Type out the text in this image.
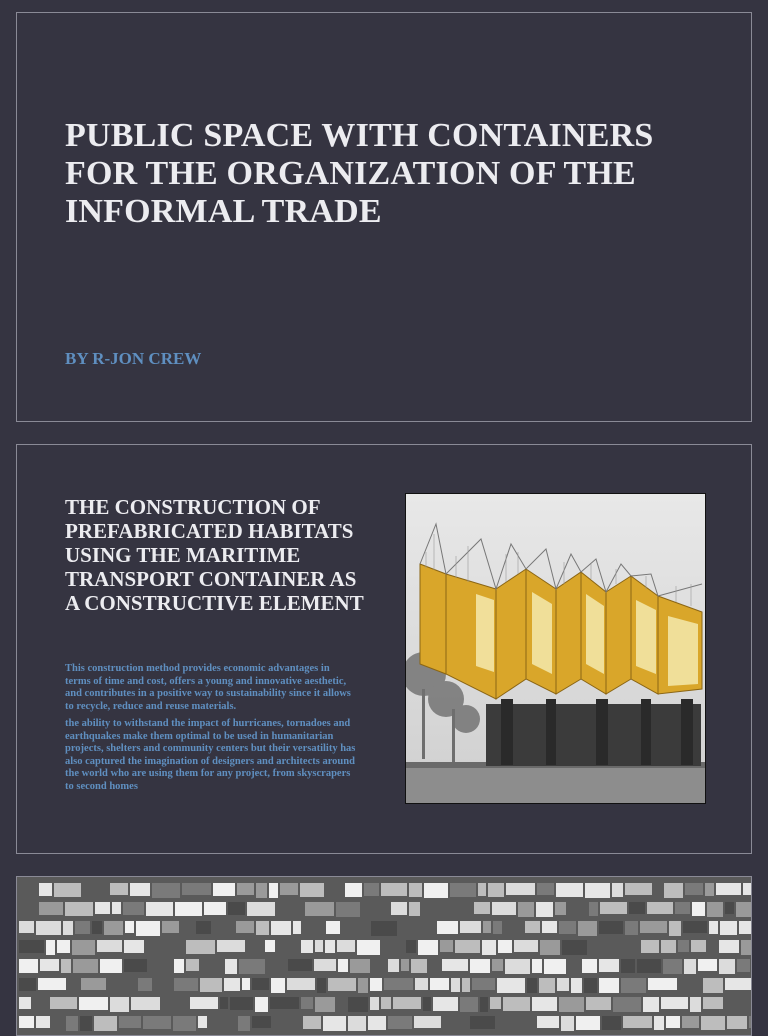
PUBLIC SPACE WITH CONTAINERS FOR THE ORGANIZATION OF THE INFORMAL TRADE

BY R-JON CREW

THE CONSTRUCTION OF PREFABRICATED HABITATS USING THE MARITIME TRANSPORT CONTAINER AS A CONSTRUCTIVE ELEMENT

This construction method provides economic advantages in terms of time and cost, offers a young and innovative aesthetic, and contributes in a positive way to sustainability since it allows to recycle, reduce and reuse materials.

the ability to withstand the impact of hurricanes, tornadoes and earthquakes make them optimal to be used in humanitarian projects, shelters and community centers but their versatility has also captured the imagination of designers and architects around the world who are using them for any project, from skyscrapers to second homes
